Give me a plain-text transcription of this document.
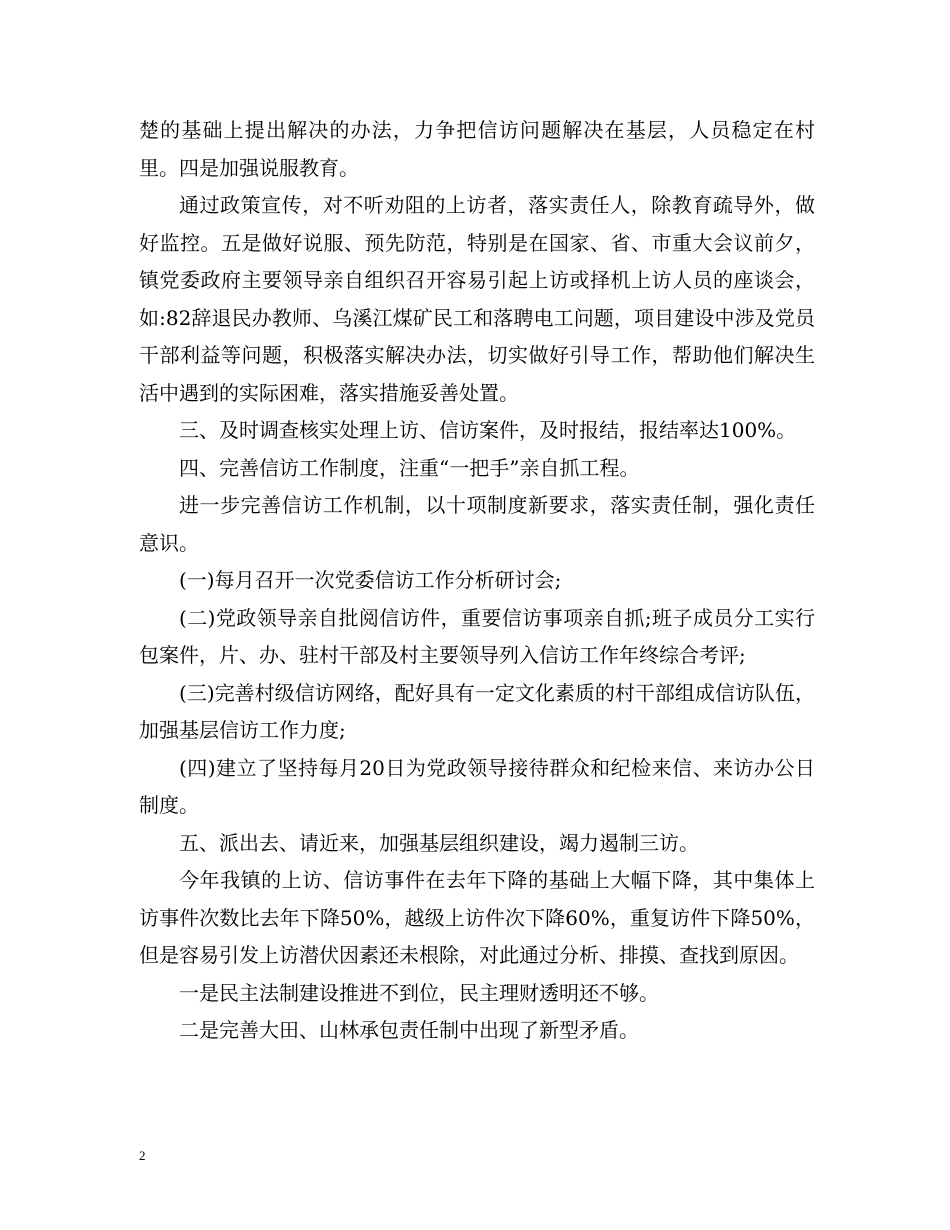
楚的基础上提出解决的办法，力争把信访问题解决在基层，人员稳定在村里。四是加强说服教育。

通过政策宣传，对不听劝阻的上访者，落实责任人，除教育疏导外，做好监控。五是做好说服、预先防范，特别是在国家、省、市重大会议前夕，镇党委政府主要领导亲自组织召开容易引起上访或择机上访人员的座谈会，如:82辞退民办教师、乌溪江煤矿民工和落聘电工问题，项目建设中涉及党员干部利益等问题，积极落实解决办法，切实做好引导工作，帮助他们解决生活中遇到的实际困难，落实措施妥善处置。

三、及时调查核实处理上访、信访案件，及时报结，报结率达100%。

四、完善信访工作制度，注重“一把手”亲自抓工程。

进一步完善信访工作机制，以十项制度新要求，落实责任制，强化责任意识。

(一)每月召开一次党委信访工作分析研讨会;

(二)党政领导亲自批阅信访件，重要信访事项亲自抓;班子成员分工实行包案件，片、办、驻村干部及村主要领导列入信访工作年终综合考评;

(三)完善村级信访网络，配好具有一定文化素质的村干部组成信访队伍，加强基层信访工作力度;

(四)建立了坚持每月20日为党政领导接待群众和纪检来信、来访办公日制度。

五、派出去、请近来，加强基层组织建设，竭力遏制三访。

今年我镇的上访、信访事件在去年下降的基础上大幅下降，其中集体上访事件次数比去年下降50%，越级上访件次下降60%，重复访件下降50%，但是容易引发上访潜伏因素还未根除，对此通过分析、排摸、查找到原因。

一是民主法制建设推进不到位，民主理财透明还不够。

二是完善大田、山林承包责任制中出现了新型矛盾。

2
